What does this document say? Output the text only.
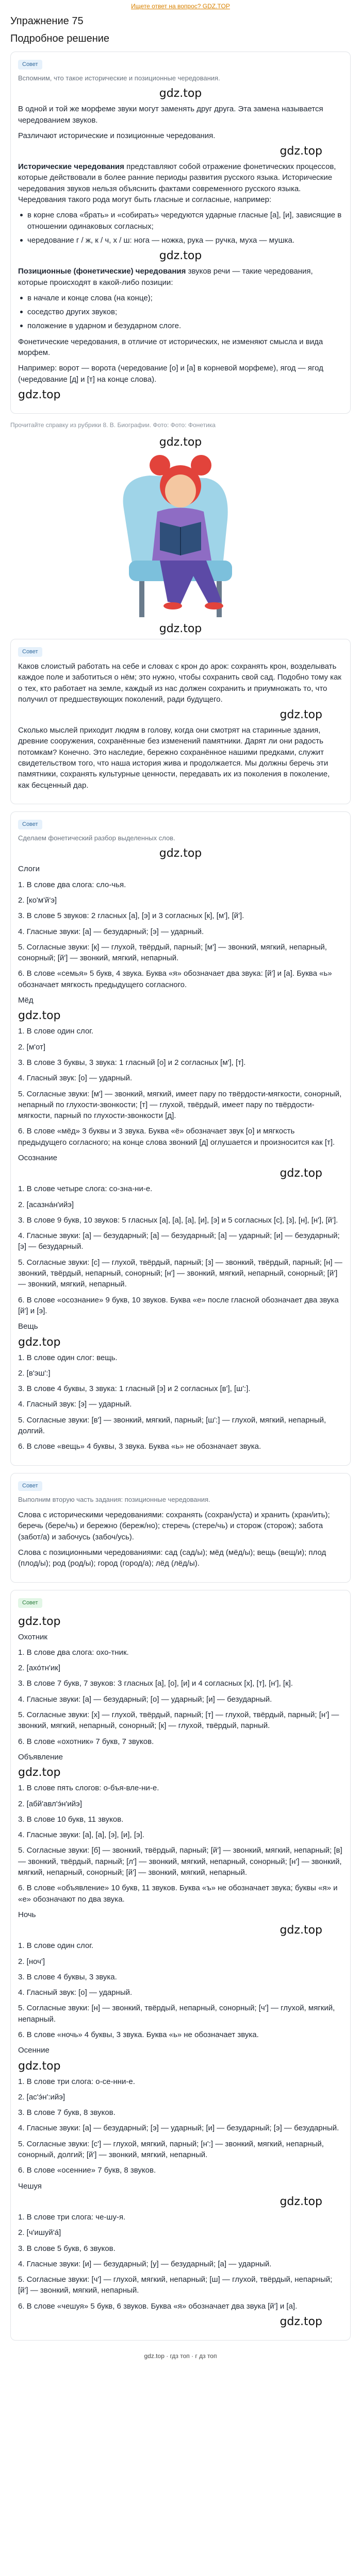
Ищете ответ на вопрос? GDZ.TOP
Упражнение 75
Подробное решение
Совет
Вспомним, что такое исторические и позиционные чередования.
gdz.top

В одной и той же морфеме звуки могут заменять друг друга. Эта замена называется чередованием звуков.

Различают исторические и позиционные чередования.

gdz.top

Исторические чередования представляют собой отражение фонетических процессов, которые действовали в более ранние периоды развития русского языка. Исторические чередования звуков нельзя объяснить фактами современного русского языка. Чередования такого рода могут быть гласные и согласные, например:

в корне слова «брать» и «собирать» чередуются ударные гласные [а], [и], зависящие в отношении одинаковых согласных;
чередование г / ж, к / ч, х / ш: нога — ножка, рука — ручка, муха — мушка.
gdz.top

Позиционные (фонетические) чередования звуков речи — такие чередования, которые происходят в какой-либо позиции:

в начале и конце слова (на конце);
соседство других звуков;
положение в ударном и безударном слоге.

Фонетические чередования, в отличие от исторических, не изменяют смысла и вида морфем.

Например: ворот — ворота (чередование [о] и [а] в корневой морфеме), ягод — ягод (чередование [д] и [т] на конце слова).

gdz.top
Прочитайте справку из рубрики 8. В. Биографии. Фото: Фото: Фонетика
gdz.top
gdz.top
Совет

Каков слоистый работать на себе и словах с крон до арок: сохранять крон, возделывать каждое поле и заботиться о нём; это нужно, чтобы сохранить свой сад. Подобно тому как о тех, кто работает на земле, каждый из нас должен сохранить и приумножать то, что получил от предшествующих поколений, ради будущего.

gdz.top

Сколько мыслей приходит людям в голову, когда они смотрят на старинные здания, древние сооружения, сохранённые без изменений памятники. Дарят ли они радость потомкам? Конечно. Это наследие, бережно сохранённое нашими предками, служит свидетельством того, что наша история жива и продолжается. Мы должны беречь эти памятники, сохранять культурные ценности, передавать их из поколения в поколение, как бесценный дар.

Совет
Сделаем фонетический разбор выделенных слов.
gdz.top

Слоги

1. В слове два слога: сло-чья.

2. [ко'м'й'э]

3. В слове 5 звуков: 2 гласных [а], [э] и 3 согласных [к], [м'], [й'].

4. Гласные звуки: [а] — безударный; [э] — ударный.

5. Согласные звуки: [к] — глухой, твёрдый, парный; [м'] — звонкий, мягкий, непарный, сонорный; [й'] — звонкий, мягкий, непарный.

6. В слове «семья» 5 букв, 4 звука. Буква «я» обозначает два звука: [й'] и [а]. Буква «ь» обозначает мягкость предыдущего согласного.

Мёд

gdz.top

1. В слове один слог.

2. [м'от]

3. В слове 3 буквы, 3 звука: 1 гласный [о] и 2 согласных [м'], [т].

4. Гласный звук: [о] — ударный.

5. Согласные звуки: [м'] — звонкий, мягкий, имеет пару по твёрдости-мягкости, сонорный, непарный по глухости-звонкости; [т] — глухой, твёрдый, имеет пару по твёрдости-мягкости, парный по глухости-звонкости [д].

6. В слове «мёд» 3 буквы и 3 звука. Буква «ё» обозначает звук [о] и мягкость предыдущего согласного; на конце слова звонкий [д] оглушается и произносится как [т].

Осознание

gdz.top

1. В слове четыре слога: со-зна-ни-е.

2. [асазна́н'ийэ]

3. В слове 9 букв, 10 звуков: 5 гласных [а], [а], [а], [и], [э] и 5 согласных [с], [з], [н], [н'], [й'].

4. Гласные звуки: [а] — безударный; [а] — безударный; [а] — ударный; [и] — безударный; [э] — безударный.

5. Согласные звуки: [с] — глухой, твёрдый, парный; [з] — звонкий, твёрдый, парный; [н] — звонкий, твёрдый, непарный, сонорный; [н'] — звонкий, мягкий, непарный, сонорный; [й'] — звонкий, мягкий, непарный.

6. В слове «осознание» 9 букв, 10 звуков. Буква «е» после гласной обозначает два звука [й'] и [э].

Вещь

gdz.top

1. В слове один слог: вещь.

2. [в'эш':]

3. В слове 4 буквы, 3 звука: 1 гласный [э] и 2 согласных [в'], [ш':].

4. Гласный звук: [э] — ударный.

5. Согласные звуки: [в'] — звонкий, мягкий, парный; [ш':] — глухой, мягкий, непарный, долгий.

6. В слове «вещь» 4 буквы, 3 звука. Буква «ь» не обозначает звука.

Совет
Выполним вторую часть задания: позиционные чередования.

Слова с историческими чередованиями: сохранять (сохран/уста) и хранить (хран/ить); беречь (бере/чь) и бережно (береж/но); стеречь (стере/чь) и сторож (сторож); забота (забот/а) и забочусь (забоч/усь).

Слова с позиционными чередованиями: сад (сад/ы); мёд (мёд/ы); вещь (вещ/и); плод (плод/ы); род (род/ы); город (город/а); лёд (лёд/ы).

Совет
gdz.top

Охотник

1. В слове два слога: охо-тник.

2. [ахо́тн'ик]

3. В слове 7 букв, 7 звуков: 3 гласных [а], [о], [и] и 4 согласных [х], [т], [н'], [к].

4. Гласные звуки: [а] — безударный; [о] — ударный; [и] — безударный.

5. Согласные звуки: [х] — глухой, твёрдый, парный; [т] — глухой, твёрдый, парный; [н'] — звонкий, мягкий, непарный, сонорный; [к] — глухой, твёрдый, парный.

6. В слове «охотник» 7 букв, 7 звуков.

Объявление

gdz.top

1. В слове пять слогов: о-бъя-вле-ни-е.

2. [абй'авл'э́н'ийэ]

3. В слове 10 букв, 11 звуков.

4. Гласные звуки: [а], [а], [э], [и], [э].

5. Согласные звуки: [б] — звонкий, твёрдый, парный; [й'] — звонкий, мягкий, непарный; [в] — звонкий, твёрдый, парный; [л'] — звонкий, мягкий, непарный, сонорный; [н'] — звонкий, мягкий, непарный, сонорный; [й'] — звонкий, мягкий, непарный.

6. В слове «объявление» 10 букв, 11 звуков. Буква «ъ» не обозначает звука; буквы «я» и «е» обозначают по два звука.

Ночь

gdz.top

1. В слове один слог.

2. [ноч']

3. В слове 4 буквы, 3 звука.

4. Гласный звук: [о] — ударный.

5. Согласные звуки: [н] — звонкий, твёрдый, непарный, сонорный; [ч'] — глухой, мягкий, непарный.

6. В слове «ночь» 4 буквы, 3 звука. Буква «ь» не обозначает звука.

Осенние

gdz.top

1. В слове три слога: о-се-нни-е.

2. [ас'э́н':ийэ]

3. В слове 7 букв, 8 звуков.

4. Гласные звуки: [а] — безударный; [э] — ударный; [и] — безударный; [э] — безударный.

5. Согласные звуки: [с'] — глухой, мягкий, парный; [н':] — звонкий, мягкий, непарный, сонорный, долгий; [й'] — звонкий, мягкий, непарный.

6. В слове «осенние» 7 букв, 8 звуков.

Чешуя

gdz.top

1. В слове три слога: че-шу-я.

2. [ч'ишуй'а́]

3. В слове 5 букв, 6 звуков.

4. Гласные звуки: [и] — безударный; [у] — безударный; [а] — ударный.

5. Согласные звуки: [ч'] — глухой, мягкий, непарный; [ш] — глухой, твёрдый, непарный; [й'] — звонкий, мягкий, непарный.

6. В слове «чешуя» 5 букв, 6 звуков. Буква «я» обозначает два звука [й'] и [а].

gdz.top
gdz.top · гдз топ · г дз топ
